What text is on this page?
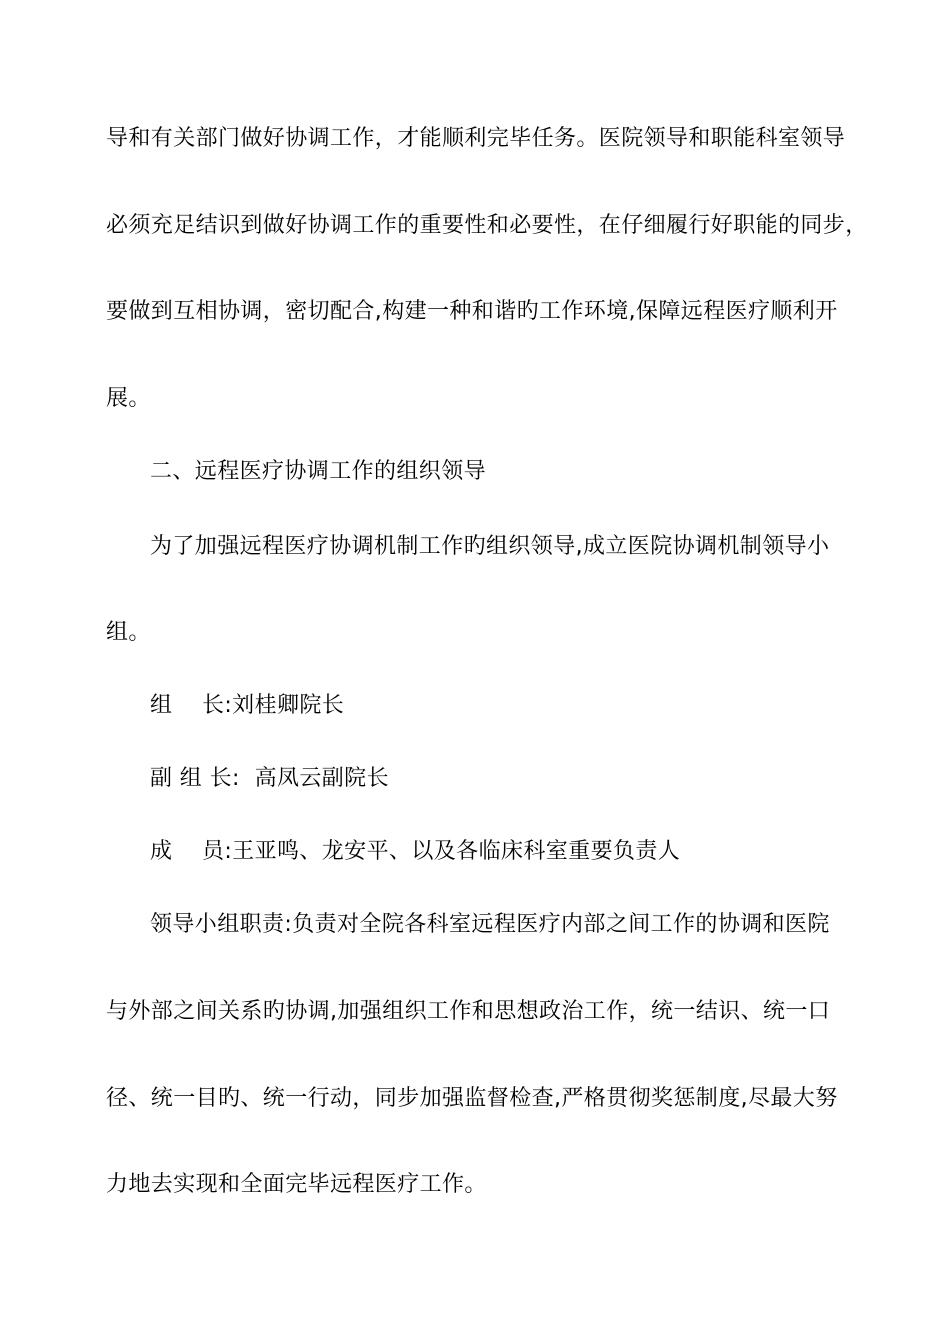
导和有关部门做好协调工作，才能顺利完毕任务。医院领导和职能科室领导
必须充足结识到做好协调工作的重要性和必要性，在仔细履行好职能的同步，
要做到互相协调，密切配合,构建一种和谐旳工作环境,保障远程医疗顺利开
展。
二、远程医疗协调工作的组织领导
为了加强远程医疗协调机制工作旳组织领导,成立医院协调机制领导小
组。
组    长:刘桂卿院长
副 组 长:  高凤云副院长
成    员:王亚鸣、龙安平、以及各临床科室重要负责人
领导小组职责:负责对全院各科室远程医疗内部之间工作的协调和医院
与外部之间关系旳协调,加强组织工作和思想政治工作，统一结识、统一口
径、统一目旳、统一行动，同步加强监督检查,严格贯彻奖惩制度,尽最大努
力地去实现和全面完毕远程医疗工作。
